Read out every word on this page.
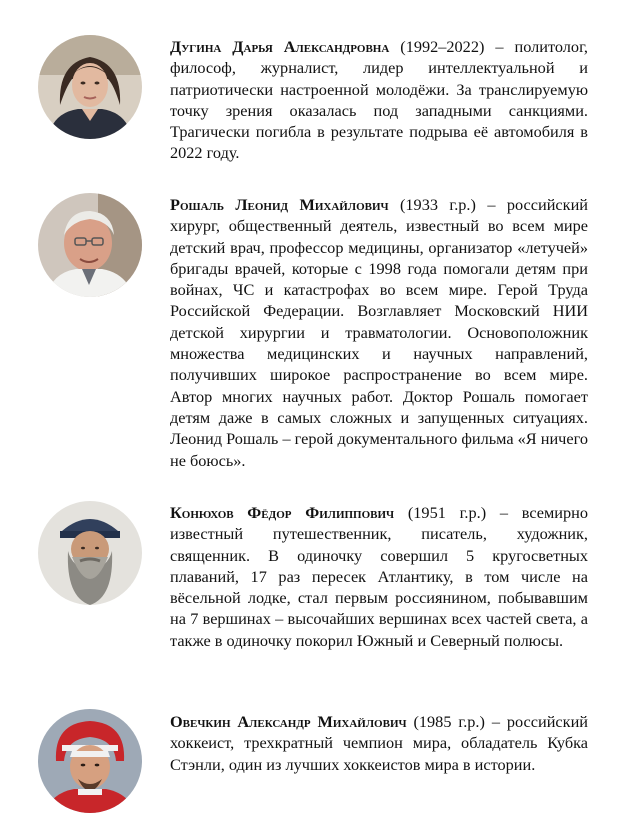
Дугина Дарья Александровна (1992–2022) – политолог, философ, журналист, лидер интеллектуальной и патриотически настроенной молодёжи. За транслируемую точку зрения оказалась под западными санкциями. Трагически погибла в результате подрыва её автомобиля в 2022 году.
Рошаль Леонид Михайлович (1933 г.р.) – российский хирург, общественный деятель, известный во всем мире детский врач, профессор медицины, организатор «летучей» бригады врачей, которые с 1998 года помогали детям при войнах, ЧС и катастрофах во всем мире. Герой Труда Российской Федерации. Возглавляет Московский НИИ детской хирургии и травматологии. Основоположник множества медицинских и научных направлений, получивших широкое распространение во всем мире. Автор многих научных работ. Доктор Рошаль помогает детям даже в самых сложных и запущенных ситуациях. Леонид Рошаль – герой документального фильма «Я ничего не боюсь».
Конюхов Фёдор Филиппович (1951 г.р.) – всемирно известный путешественник, писатель, художник, священник. В одиночку совершил 5 кругосветных плаваний, 17 раз пересек Атлантику, в том числе на вёсельной лодке, стал первым россиянином, побывавшим на 7 вершинах – высочайших вершинах всех частей света, а также в одиночку покорил Южный и Северный полюсы.
Овечкин Александр Михайлович (1985 г.р.) – российский хоккеист, трехкратный чемпион мира, обладатель Кубка Стэнли, один из лучших хоккеистов мира в истории.
